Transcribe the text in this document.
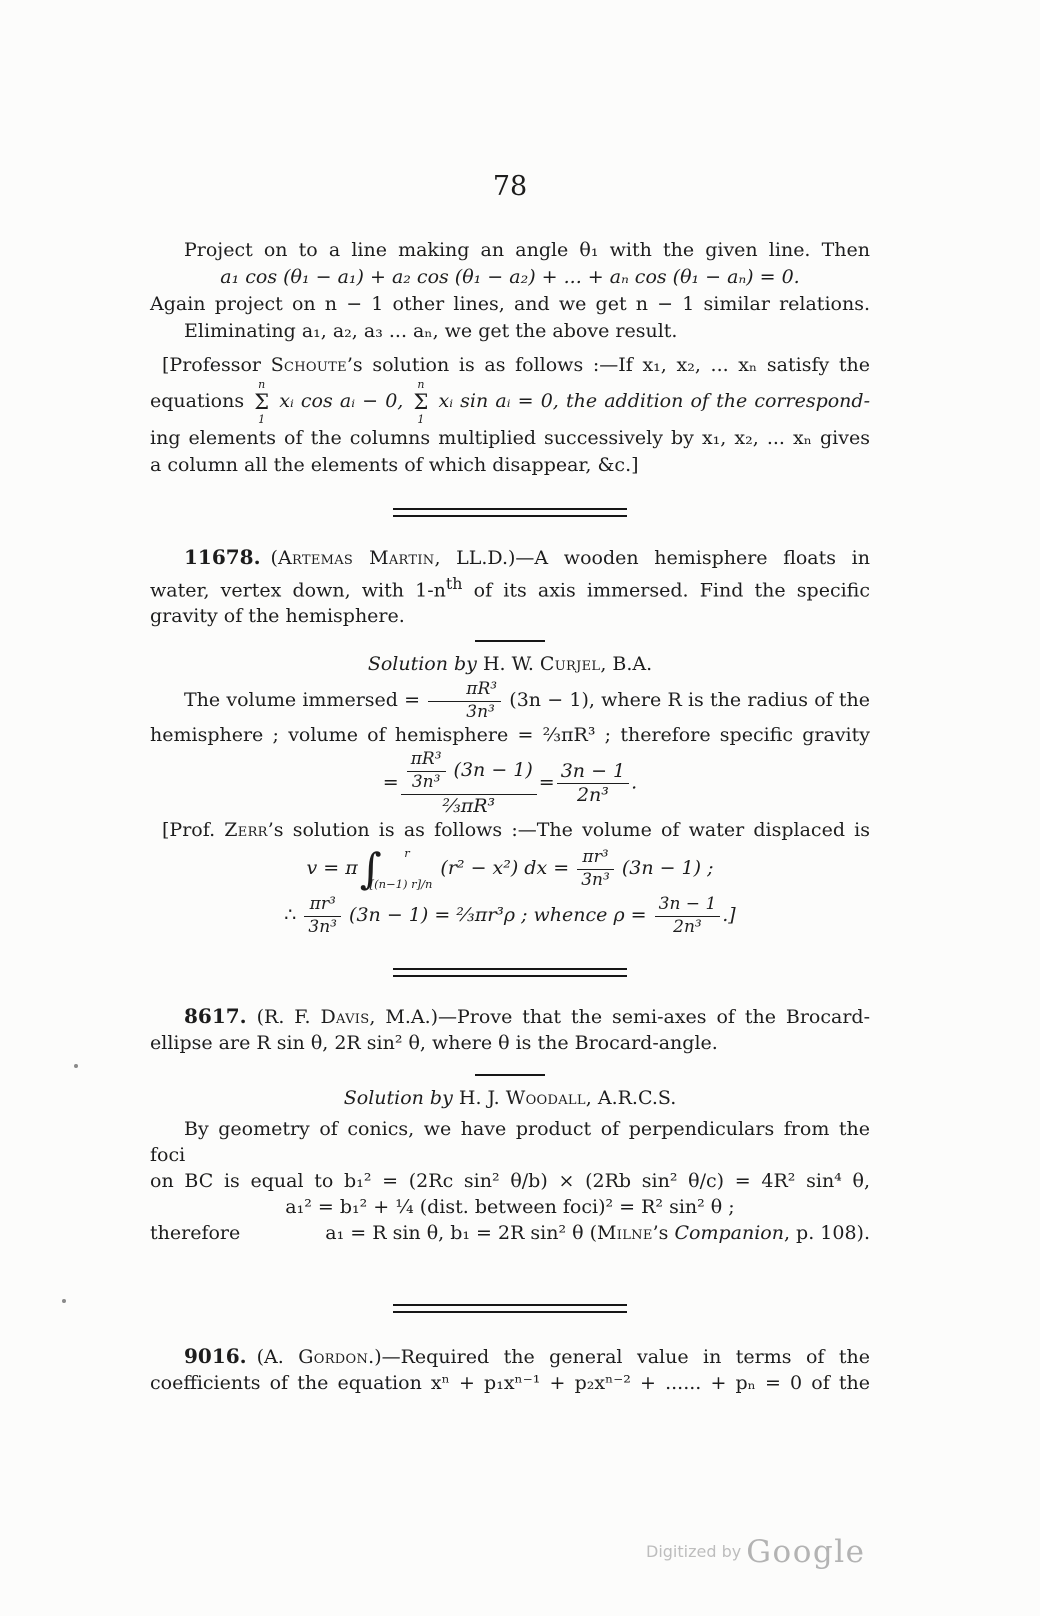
78
Project on to a line making an angle θ₁ with the given line. Then
a₁ cos (θ₁ − a₁) + a₂ cos (θ₁ − a₂) + ... + aₙ cos (θ₁ − aₙ) = 0.
Again project on n − 1 other lines, and we get n − 1 similar relations.
Eliminating a₁, a₂, a₃ ... aₙ, we get the above result.
[Professor Schoute’s solution is as follows :—If x₁, x₂, ... xₙ satisfy the
equations
n
Σ
1
xᵢ cos aᵢ − 0,
n
Σ
1
xᵢ sin aᵢ = 0, the addition of the correspond-
ing elements of the columns multiplied successively by x₁, x₂, ... xₙ gives
a column all the elements of which disappear, &c.]
11678. (Artemas Martin, LL.D.)—A wooden hemisphere floats in
water, vertex down, with $1-n^{th}$ of its axis immersed. Find the specific
gravity of the hemisphere.
Solution by H. W. Curjel, B.A.
The volume immersed = $\frac{\text{πR³}}{\text{3n³}} (3n - 1)$, where R is the radius of the
hemisphere ; volume of hemisphere = ⅔πR³ ; therefore specific gravity
= $\frac{\frac{\text{πR³}}{\text{3n³}} (3n - 1)}{\text{⅔πR³}} = \frac{3n - 1}{\text{2n³}}$ .
[Prof. Zerr’s solution is as follows :—The volume of water displaced is
v = π ∫	r
[(n−1) r]/n
(r² − x²) dx = $\frac{\text{πr³}}{\text{3n³}} (3n - 1)$ ;
∴ $\frac{\text{πr³}}{\text{3n³}} (3n - 1)$ = ⅔πr³ρ ; whence $\rho = \frac{3n - 1}{\text{2n³}}$ .]
8617. (R. F. Davis, M.A.)—Prove that the semi-axes of the Brocard-
ellipse are R sin θ, 2R sin² θ, where θ is the Brocard-angle.
Solution by H. J. Woodall, A.R.C.S.
By geometry of conics, we have product of perpendiculars from the foci
on BC is equal to b₁² = (2Rc sin² θ/b) × (2Rb sin² θ/c) = 4R² sin⁴ θ,
a₁² = b₁² + ¼ (dist. between foci)² = R² sin² θ ;
therefore	a₁ = R sin θ, b₁ = 2R sin² θ (Milne’s Companion, p. 108).
9016. (A. Gordon.)—Required the general value in terms of the
coefficients of the equation xⁿ + p₁xⁿ⁻¹ + p₂xⁿ⁻² + ...... + pₙ = 0 of the
Digitized by Google
